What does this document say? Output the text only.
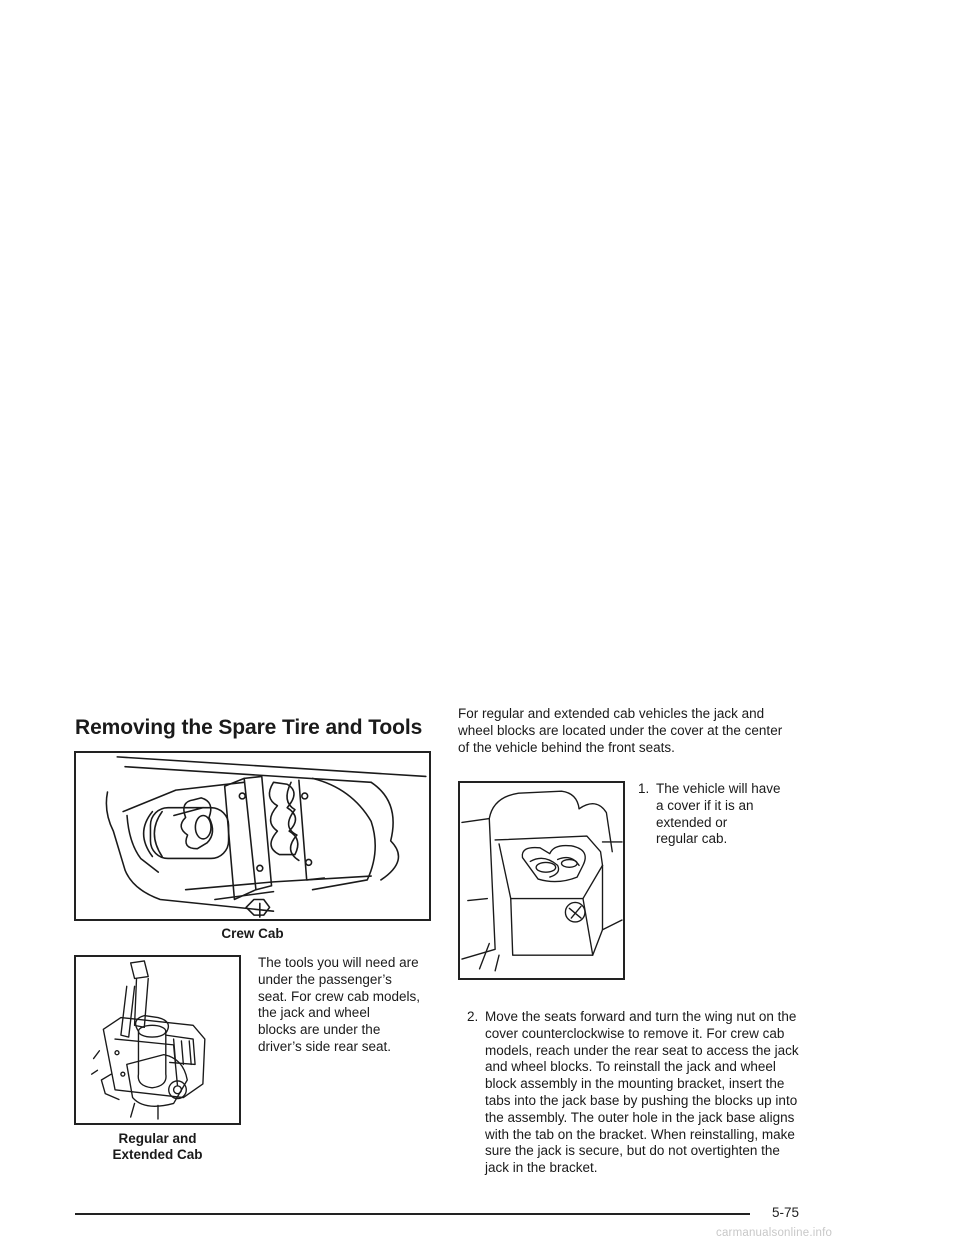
Removing the Spare Tire and Tools
Crew Cab
Regular and
Extended Cab
The tools you will need are
under the passenger’s
seat. For crew cab models,
the jack and wheel
blocks are under the
driver’s side rear seat.
For regular and extended cab vehicles the jack and
wheel blocks are located under the cover at the center
of the vehicle behind the front seats.
1. The vehicle will have
a cover if it is an
extended or
regular cab.
2. Move the seats forward and turn the wing nut on the
cover counterclockwise to remove it. For crew cab
models, reach under the rear seat to access the jack
and wheel blocks. To reinstall the jack and wheel
block assembly in the mounting bracket, insert the
tabs into the jack base by pushing the blocks up into
the assembly. The outer hole in the jack base aligns
with the tab on the bracket. When reinstalling, make
sure the jack is secure, but do not overtighten the
jack in the bracket.
5-75
carmanualsonline.info
